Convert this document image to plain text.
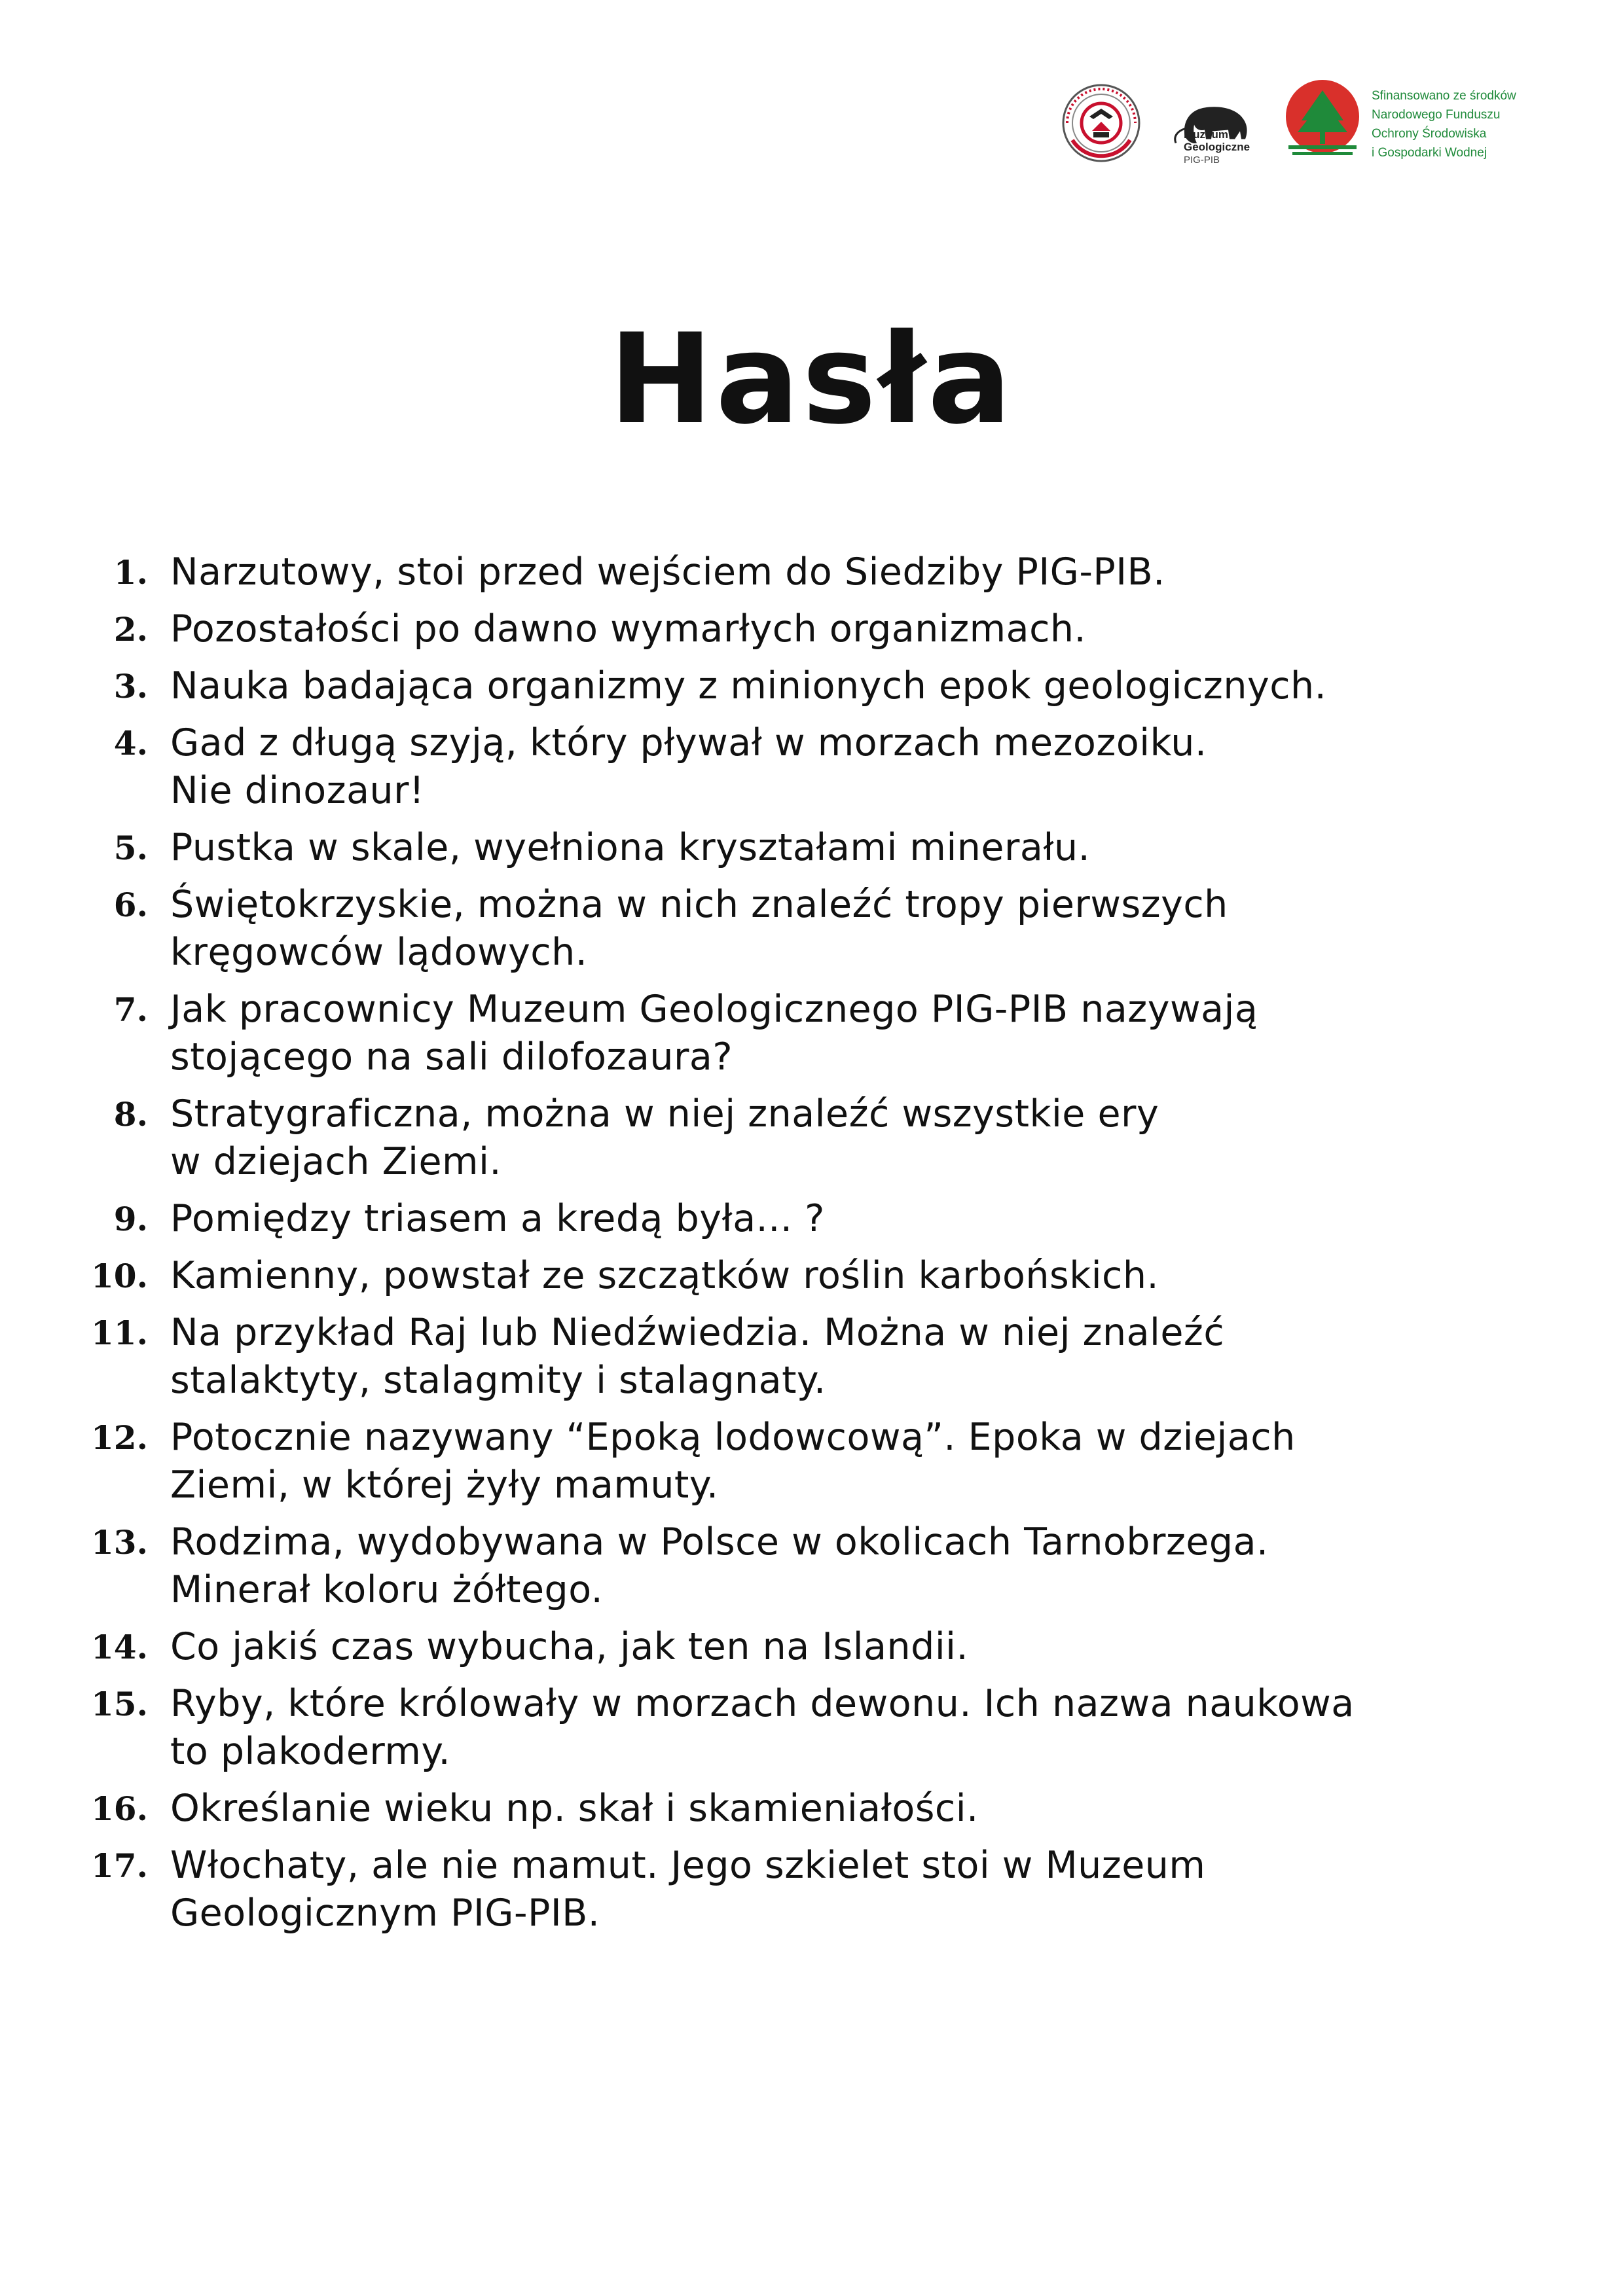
Muzeum
Geologiczne
PIG-PIB
Sfinansowano ze środków
Narodowego Funduszu
Ochrony Środowiska
i Gospodarki Wodnej
Hasła
1. Narzutowy, stoi przed wejściem do Siedziby PIG-PIB.
2. Pozostałości po dawno wymarłych organizmach.
3. Nauka badająca organizmy z minionych epok geologicznych.
4. Gad z długą szyją, który pływał w morzach mezozoiku.
Nie dinozaur!
5. Pustka w skale, wyełniona kryształami minerału.
6. Świętokrzyskie, można w nich znaleźć tropy pierwszych
kręgowców lądowych.
7. Jak pracownicy Muzeum Geologicznego PIG-PIB nazywają
stojącego na sali dilofozaura?
8. Stratygraficzna, można w niej znaleźć wszystkie ery
w dziejach Ziemi.
9. Pomiędzy triasem a kredą była... ?
10. Kamienny, powstał ze szczątków roślin karbońskich.
11. Na przykład Raj lub Niedźwiedzia. Można w niej znaleźć
stalaktyty, stalagmity i stalagnaty.
12. Potocznie nazywany “Epoką lodowcową”. Epoka w dziejach
Ziemi, w której żyły mamuty.
13. Rodzima, wydobywana w Polsce w okolicach Tarnobrzega.
Minerał koloru żółtego.
14. Co jakiś czas wybucha, jak ten na Islandii.
15. Ryby, które królowały w morzach dewonu. Ich nazwa naukowa
to plakodermy.
16. Określanie wieku np. skał i skamieniałości.
17. Włochaty, ale nie mamut. Jego szkielet stoi w Muzeum
Geologicznym PIG-PIB.
